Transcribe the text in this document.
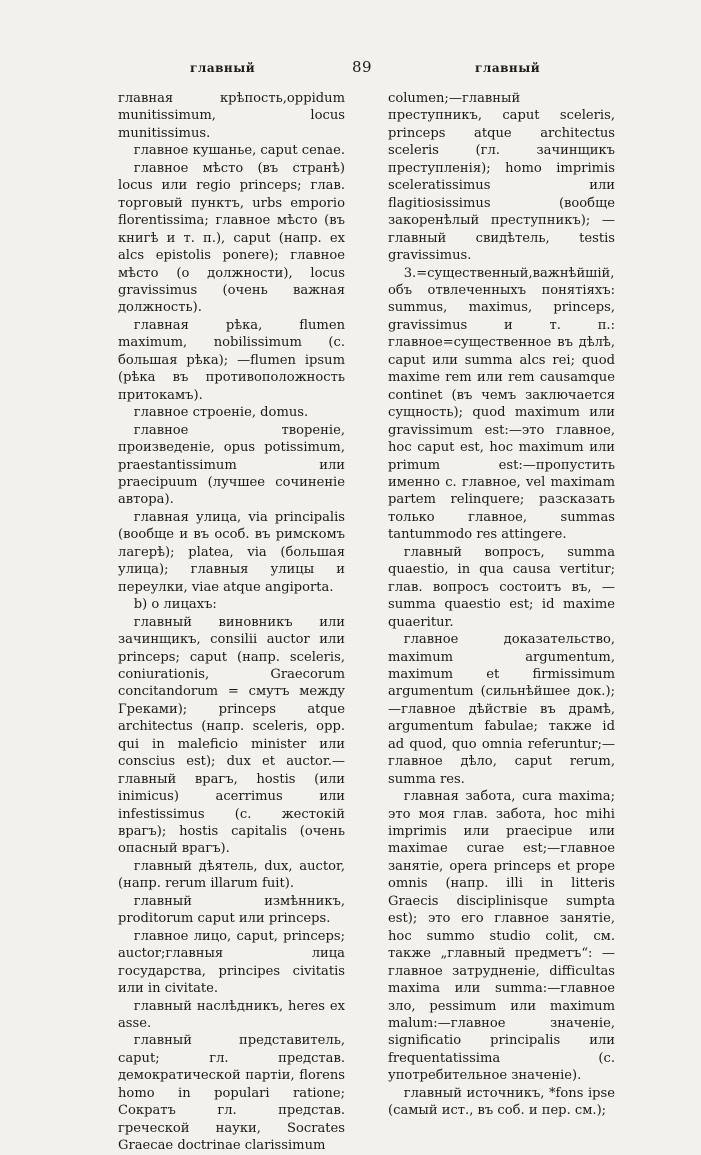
главный	89	главный

главная крѣпость,oppidum munitissimum, locus munitissimus.

главное кушанье, caput cenae.

главное мѣсто (въ странѣ) locus или regio princeps; глав. торговый пунктъ, urbs emporio florentissima; главное мѣсто (въ книгѣ и т. п.), caput (напр. ex alcs epistolis ponere); главное мѣсто (о должности), locus gravissimus (очень важная должность).

главная рѣка, flumen maximum, nobilissimum (с. большая рѣка); —flumen ipsum (рѣка въ противоположность притокамъ).

главное строеніе, domus.

главное твореніе, произведеніе, opus potissimum, praestantissimum или praecipuum (лучшее сочиненіе автора).

главная улица, via principalis (вообще и въ особ. въ римскомъ лагерѣ); platea, via (большая улица); главныя улицы и переулки, viae atque angiporta.

b) о лицахъ:

главный виновникъ или зачинщикъ, consilii auctor или princeps; caput (напр. sceleris, coniurationis, Graecorum concitandorum = смутъ между Греками); princeps atque architectus (напр. sceleris, opp. qui in maleficio minister или conscius est); dux et auctor.—главный врагъ, hostis (или inimicus) acerrimus или infestissimus (с. жестокій врагъ); hostis capitalis (очень опасный врагъ).

главный дѣятель, dux, auctor, (напр. rerum illarum fuit).

главный измѣнникъ, proditorum caput или princeps.

главное лицо, caput, princeps; auctor;главныя лица государства, principes civitatis или in civitate.

главный наслѣдникъ, heres ex asse.

главный представитель, caput; гл. представ. демократической партіи, florens homo in populari ratione; Сократъ гл. представ. греческой науки, Socrates Graecae doctrinae clarissimum

columen;—главный преступникъ, caput sceleris, princeps atque architectus sceleris (гл. зачинщикъ преступленія); homo imprimis sceleratissimus или flagitiosissimus (вообще закоренѣлый преступникъ); — главный свидѣтель, testis gravissimus.

3.=существенный,важнѣйшій, объ отвлеченныхъ понятіяхъ: summus, maximus, princeps, gravissimus и т. п.: главное=существенное въ дѣлѣ, caput или summa alcs rei; quod maxime rem или rem causamque continet (въ чемъ заключается сущность); quod maximum или gravissimum est:—это главное, hoc caput est, hoc maximum или primum est:—пропустить именно с. главное, vel maximam partem relinquere; разсказать только главное, summas tantummodo res attingere.

главный вопросъ, summa quaestio, in qua causa vertitur; глав. вопросъ состоитъ въ, — summa quaestio est; id maxime quaeritur.

главное доказательство, maximum argumentum, maximum et firmissimum argumentum (сильнѣйшее док.);—главное дѣйствіе въ драмѣ, argumentum fabulae; также id ad quod, quo omnia referuntur;—главное дѣло, caput rerum, summa res.

главная забота, cura maxima; это моя глав. забота, hoc mihi imprimis или praecipue или maximae curae est;—главное занятіе, opera princeps et prope omnis (напр. illi in litteris Graecis disciplinisque sumpta est); это его главное занятіе, hoc summo studio colit, см. также „главный предметъ“: — главное затрудненіе, difficultas maxima или summa:—главное зло, pessimum или maximum malum:—главное значеніе, significatio principalis или frequentatissima (с. употребительное значеніе).

главный источникъ, *fons ipse (самый ист., въ соб. и пер. см.);
